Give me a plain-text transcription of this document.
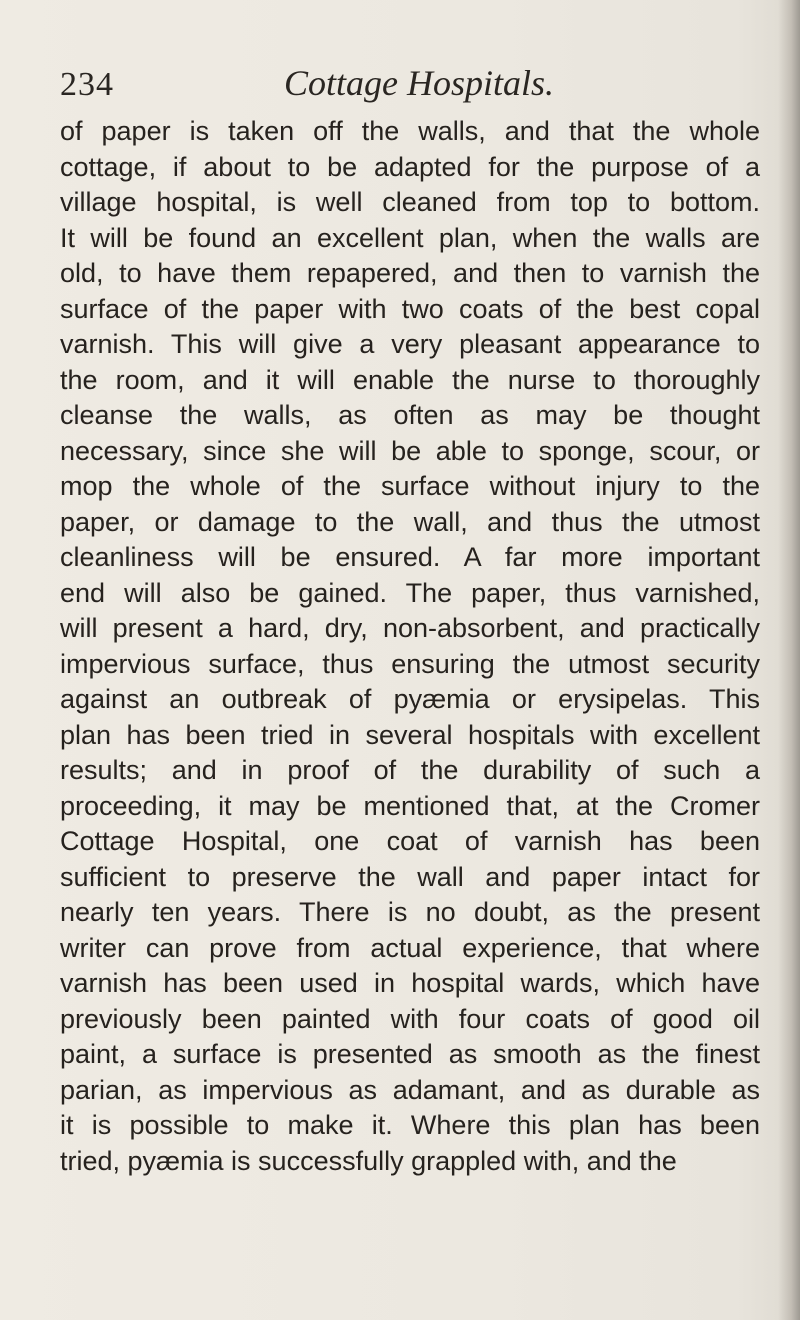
234	Cottage Hospitals.
of paper is taken off the walls, and that the whole
cottage, if about to be adapted for the purpose of a
village hospital, is well cleaned from top to bottom.
It will be found an excellent plan, when the walls are
old, to have them repapered, and then to varnish the
surface of the paper with two coats of the best copal
varnish. This will give a very pleasant appearance to
the room, and it will enable the nurse to thoroughly
cleanse the walls, as often as may be thought
necessary, since she will be able to sponge, scour, or
mop the whole of the surface without injury to the
paper, or damage to the wall, and thus the utmost
cleanliness will be ensured. A far more important
end will also be gained. The paper, thus varnished,
will present a hard, dry, non-absorbent, and practically
impervious surface, thus ensuring the utmost security
against an outbreak of pyæmia or erysipelas. This
plan has been tried in several hospitals with excellent
results; and in proof of the durability of such a
proceeding, it may be mentioned that, at the Cromer
Cottage Hospital, one coat of varnish has been
sufficient to preserve the wall and paper intact for
nearly ten years. There is no doubt, as the present
writer can prove from actual experience, that where
varnish has been used in hospital wards, which have
previously been painted with four coats of good oil
paint, a surface is presented as smooth as the finest
parian, as impervious as adamant, and as durable as
it is possible to make it. Where this plan has been
tried, pyæmia is successfully grappled with, and the
